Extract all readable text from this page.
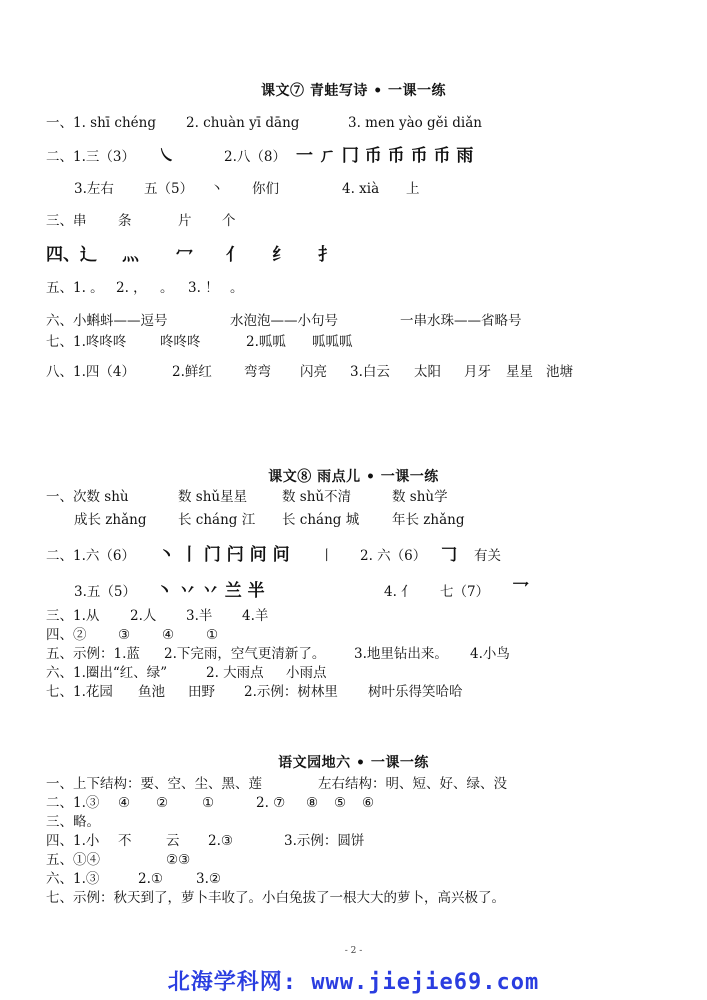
课文⑦ 青蛙写诗 • 一课一练
一、1. shī chéng 2. chuàn yī dāng	3. men yào gěi diǎn
二、1.三（3） ㇏	2.八（8） 一 ㄏ 冂 币 币 币 币 雨
3.左右 五（5） 丶 你们	4. xià 上
三、串 条	片 个
四、辶 灬 冖 亻 纟 扌
五、1. 。 2. ， 。 3. ！ 。
六、小蝌蚪——逗号	水泡泡——小句号	一串水珠——省略号
七、1.咚咚咚 咚咚咚	2.呱呱 呱呱呱
八、1.四（4）	2.鲜红 弯弯 闪亮 3.白云 太阳 月牙 星星 池塘
课文⑧ 雨点儿 • 一课一练
一、次数 shù	数 shǔ星星	数 shǔ不清	数 shù学
成长 zhǎng 长 cháng 江 长 cháng 城 年长 zhǎng
二、1.六（6） 丶 丨 门 闩 问 问 丨 2. 六（6） 𠃌 有关
3.五（5） 丶 丷 丷 兰 半	4. 亻 七（7） 乛
三、1.从 2.人 3.半 4.羊
四、② ③ ④ ①
五、示例：1.蓝 2.下完雨，空气更清新了。 3.地里钻出来。 4.小鸟
六、1.圈出“红、绿”	2. 大雨点 小雨点
七、1.花园 鱼池 田野 2.示例：树林里 树叶乐得笑哈哈
语文园地六 • 一课一练
一、上下结构：要、空、尘、黑、莲	左右结构：明、短、好、绿、没
二、1.③ ④ ②	①	2. ⑦ ⑧ ⑤ ⑥
三、略。
四、1.小 不	云 2.③	3.示例：圆饼
五、①④	②③
六、1.③	2.① 3.②
七、示例：秋天到了，萝卜丰收了。小白兔拔了一根大大的萝卜，高兴极了。
- 2 -
北海学科网: www.jiejie69.com
